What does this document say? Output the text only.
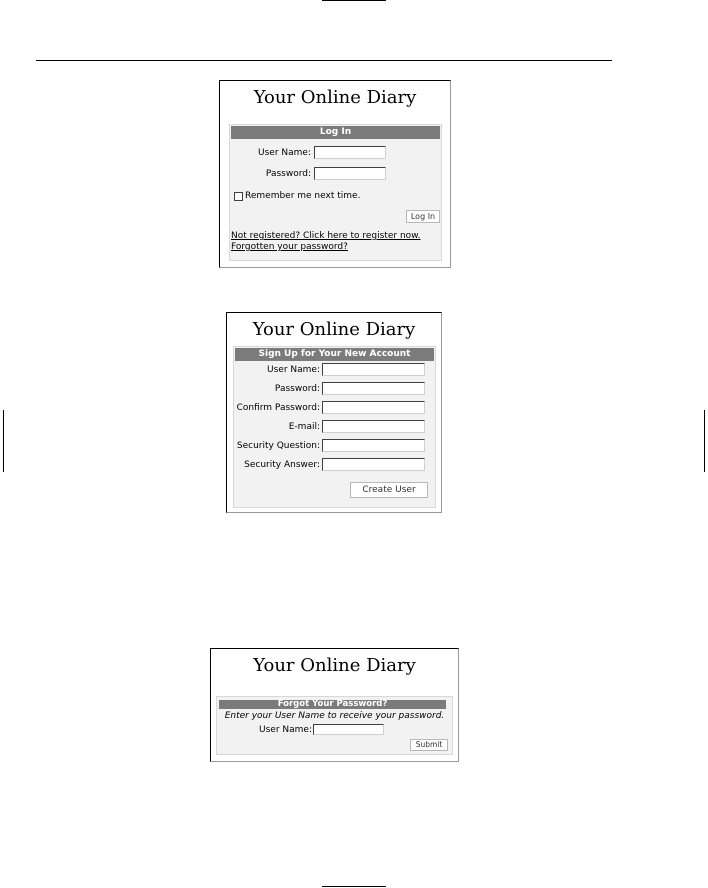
Your Online Diary
Log In
User Name:
Password:
Remember me next time.
Log In
Not registered? Click here to register now.
Forgotten your password?
Your Online Diary
Sign Up for Your New Account
User Name:
Password:
Confirm Password:
E-mail:
Security Question:
Security Answer:
Create User
Your Online Diary
Forgot Your Password?
Enter your User Name to receive your password.
User Name:
Submit
